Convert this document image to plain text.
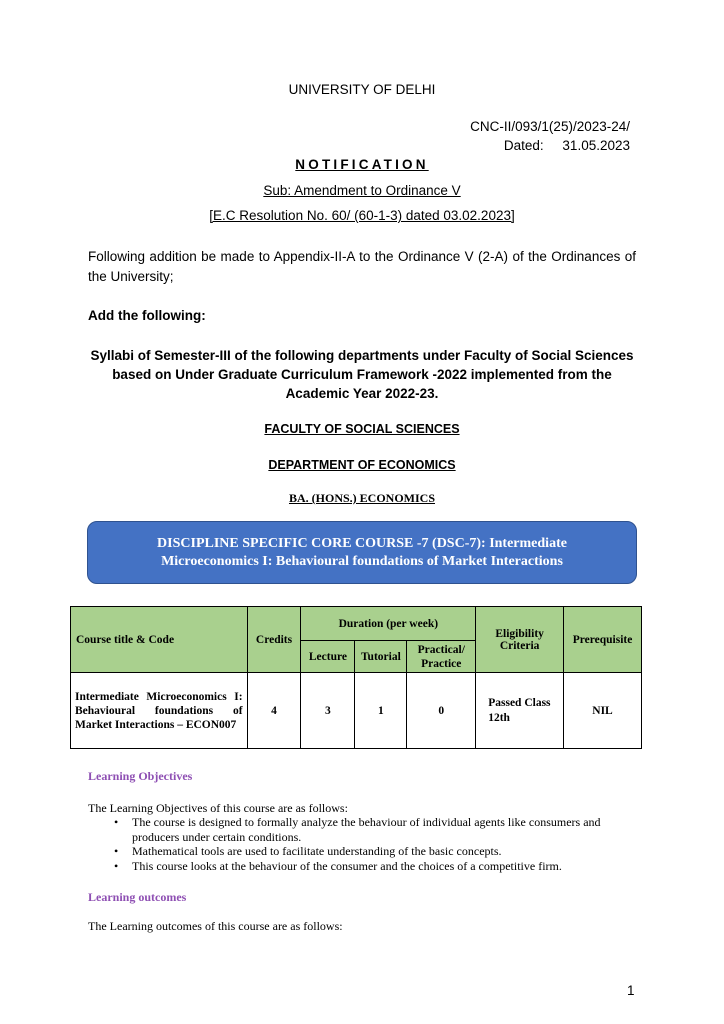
UNIVERSITY OF DELHI
CNC-II/093/1(25)/2023-24/
Dated: 31.05.2023
NOTIFICATION
Sub: Amendment to Ordinance V
[E.C Resolution No. 60/ (60-1-3) dated 03.02.2023]
Following addition be made to Appendix-II-A to the Ordinance V (2-A) of the Ordinances of the University;
Add the following:
Syllabi of Semester-III of the following departments under Faculty of Social Sciences based on Under Graduate Curriculum Framework -2022 implemented from the Academic Year 2022-23.
FACULTY OF SOCIAL SCIENCES
DEPARTMENT OF ECONOMICS
BA. (HONS.) ECONOMICS
DISCIPLINE SPECIFIC CORE COURSE -7 (DSC-7): Intermediate Microeconomics I: Behavioural foundations of Market Interactions
Course title & Code	Credits	Duration (per week)			Eligibility Criteria	Prerequisite
		Lecture	Tutorial	Practical/ Practice		
Intermediate Microeconomics I: Behavioural foundations of Market Interactions – ECON007	4	3	1	0	Passed Class 12th	NIL
Learning Objectives
The Learning Objectives of this course are as follows:
• The course is designed to formally analyze the behaviour of individual agents like consumers and producers under certain conditions.
• Mathematical tools are used to facilitate understanding of the basic concepts.
• This course looks at the behaviour of the consumer and the choices of a competitive firm.
Learning outcomes
The Learning outcomes of this course are as follows:
1
